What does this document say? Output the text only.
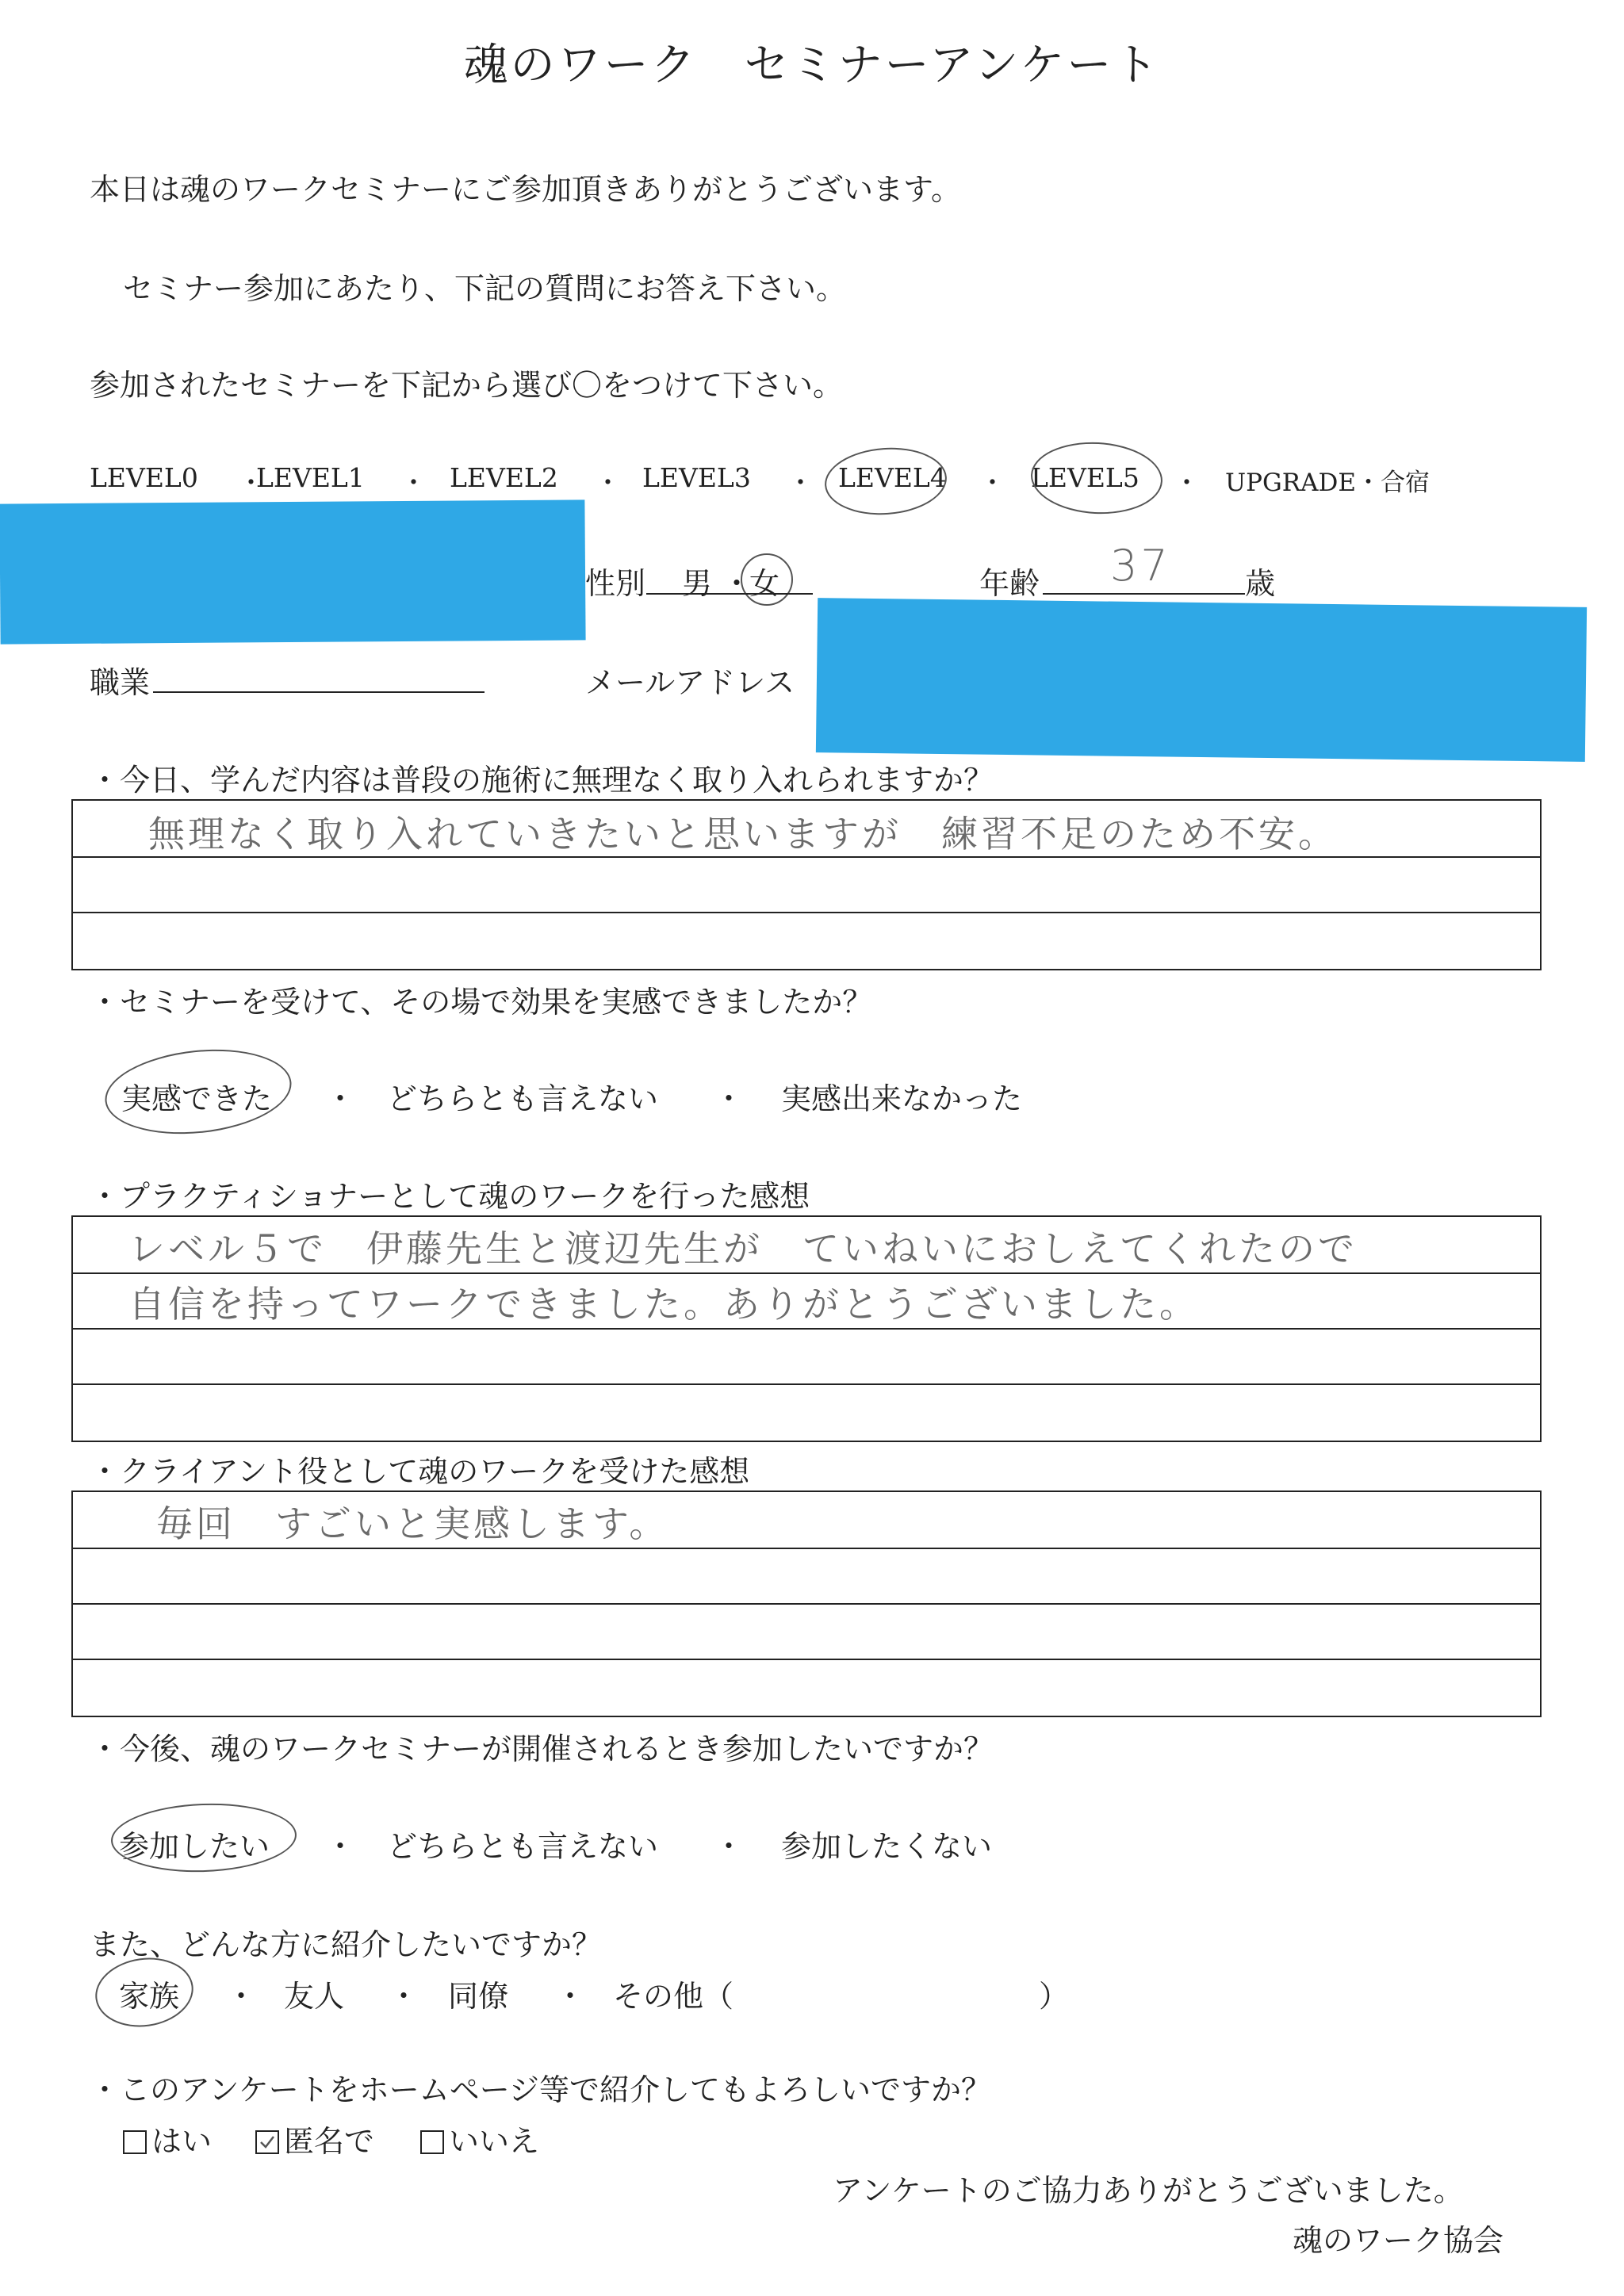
魂のワーク　セミナーアンケート
本日は魂のワークセミナーにご参加頂きありがとうございます。
セミナー参加にあたり、下記の質問にお答え下さい。
参加されたセミナーを下記から選び〇をつけて下さい。
LEVEL0 ・
LEVEL1 ・ LEVEL2 ・ LEVEL3 ・ LEVEL4 ・ LEVEL5 ・ UPGRADE・合宿
性別 男 ・
女	年齢 37 歳
職業	メールアドレス
・今日、学んだ内容は普段の施術に無理なく取り入れられますか？
無理なく取り入れていきたいと思いますが　練習不足のため不安。
・セミナーを受けて、その場で効果を実感できましたか？
実感できた ・ どちらとも言えない ・ 実感出来なかった
・プラクティショナーとして魂のワークを行った感想
レベル５で　伊藤先生と渡辺先生が　ていねいにおしえてくれたので
自信を持ってワークできました。ありがとうございました。
・クライアント役として魂のワークを受けた感想
毎回　すごいと実感します。
・今後、魂のワークセミナーが開催されるとき参加したいですか？
参加したい ・ どちらとも言えない ・ 参加したくない
また、どんな方に紹介したいですか？
家族 ・ 友人 ・ 同僚 ・ その他（	）
・このアンケートをホームページ等で紹介してもよろしいですか？
はい	匿名で	いいえ
アンケートのご協力ありがとうございました。
魂のワーク協会
